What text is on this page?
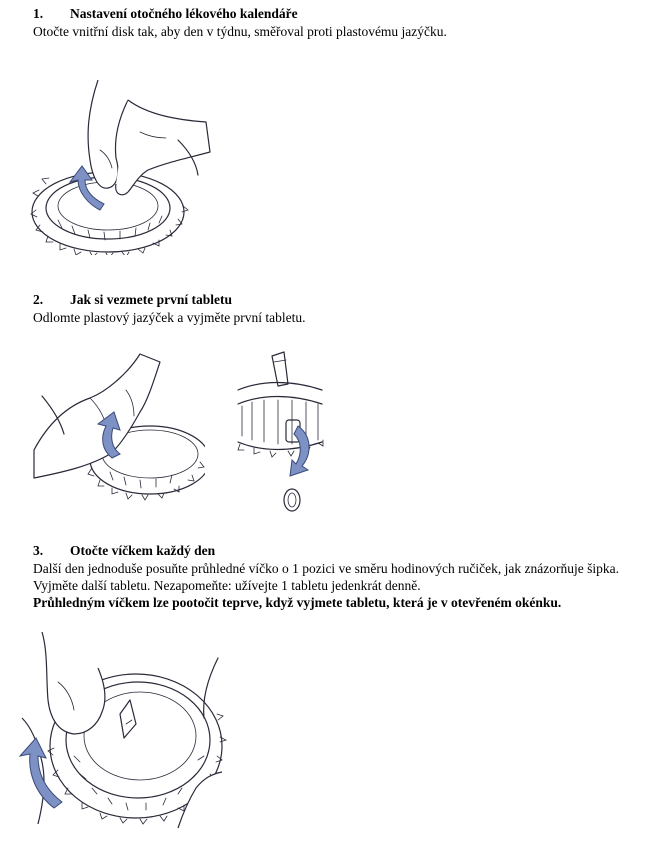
1. Nastavení otočného lékového kalendáře
Otočte vnitřní disk tak, aby den v týdnu, směřoval proti plastovému jazýčku.
2. Jak si vezmete první tabletu
Odlomte plastový jazýček a vyjměte první tabletu.
3. Otočte víčkem každý den
Další den jednoduše posuňte průhledné víčko o 1 pozici ve směru hodinových ručiček, jak znázorňuje šipka. Vyjměte další tabletu. Nezapomeňte: užívejte 1 tabletu jedenkrát denně.
Průhledným víčkem lze pootočit teprve, když vyjmete tabletu, která je v otevřeném okénku.
